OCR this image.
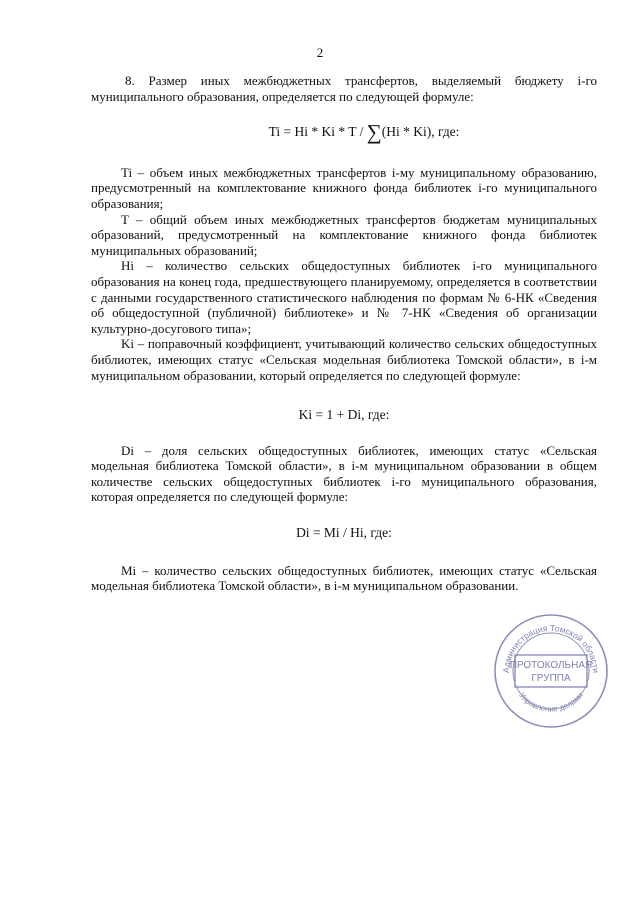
2

8. Размер иных межбюджетных трансфертов, выделяемый бюджету i-го муниципального образования, определяется по следующей формуле:

Ti = Hi * Ki * T / ∑(Hi * Ki), где:

Ti – объем иных межбюджетных трансфертов i-му муниципальному образованию, предусмотренный на комплектование книжного фонда библиотек i-го муниципального образования;

T – общий объем иных межбюджетных трансфертов бюджетам муниципальных образований, предусмотренный на комплектование книжного фонда библиотек муниципальных образований;

Hi – количество сельских общедоступных библиотек i-го муниципального образования на конец года, предшествующего планируемому, определяется в соответствии с данными государственного статистического наблюдения по формам № 6-НК «Сведения об общедоступной (публичной) библиотеке» и № 7-НК «Сведения об организации культурно-досугового типа»;

Ki – поправочный коэффициент, учитывающий количество сельских общедоступных библиотек, имеющих статус «Сельская модельная библиотека Томской области», в i-м муниципальном образовании, который определяется по следующей формуле:

Ki = 1 + Di, где:

Di – доля сельских общедоступных библиотек, имеющих статус «Сельская модельная библиотека Томской области», в i-м муниципальном образовании в общем количестве сельских общедоступных библиотек i-го муниципального образования, которая определяется по следующей формуле:

Di = Mi / Hi, где:

Mi – количество сельских общедоступных библиотек, имеющих статус «Сельская модельная библиотека Томской области», в i-м муниципальном образовании.

Администрация Томской области
Управление делами
ПРОТОКОЛЬНАЯ
ГРУППА
